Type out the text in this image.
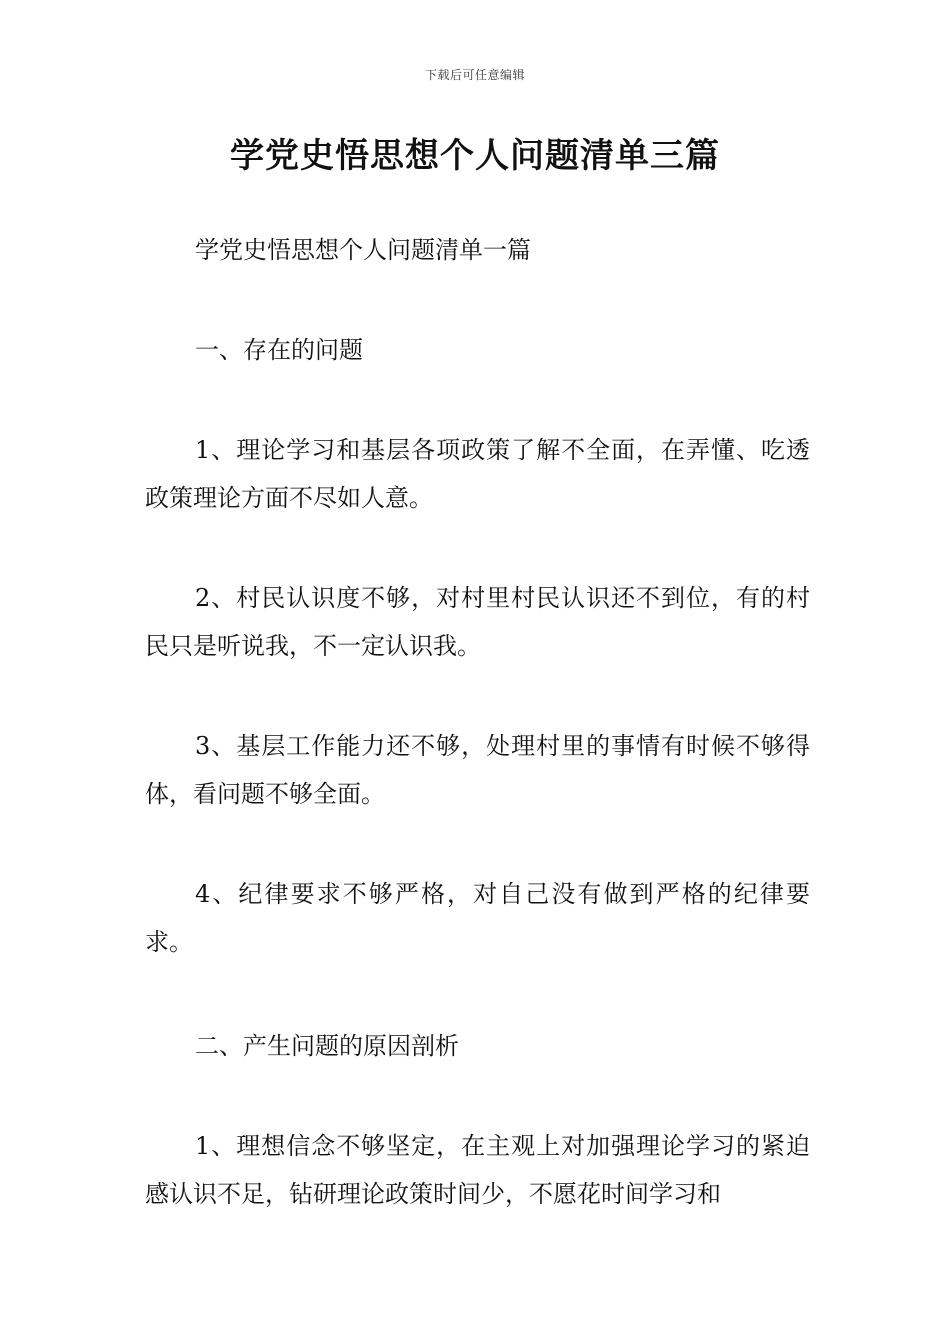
下载后可任意编辑
学党史悟思想个人问题清单三篇

学党史悟思想个人问题清单一篇

一、存在的问题

1、理论学习和基层各项政策了解不全面，在弄懂、吃透政策理论方面不尽如人意。

2、村民认识度不够，对村里村民认识还不到位，有的村民只是听说我，不一定认识我。

3、基层工作能力还不够，处理村里的事情有时候不够得体，看问题不够全面。

4、纪律要求不够严格，对自己没有做到严格的纪律要求。

二、产生问题的原因剖析

1、理想信念不够坚定，在主观上对加强理论学习的紧迫感认识不足，钻研理论政策时间少，不愿花时间学习和
